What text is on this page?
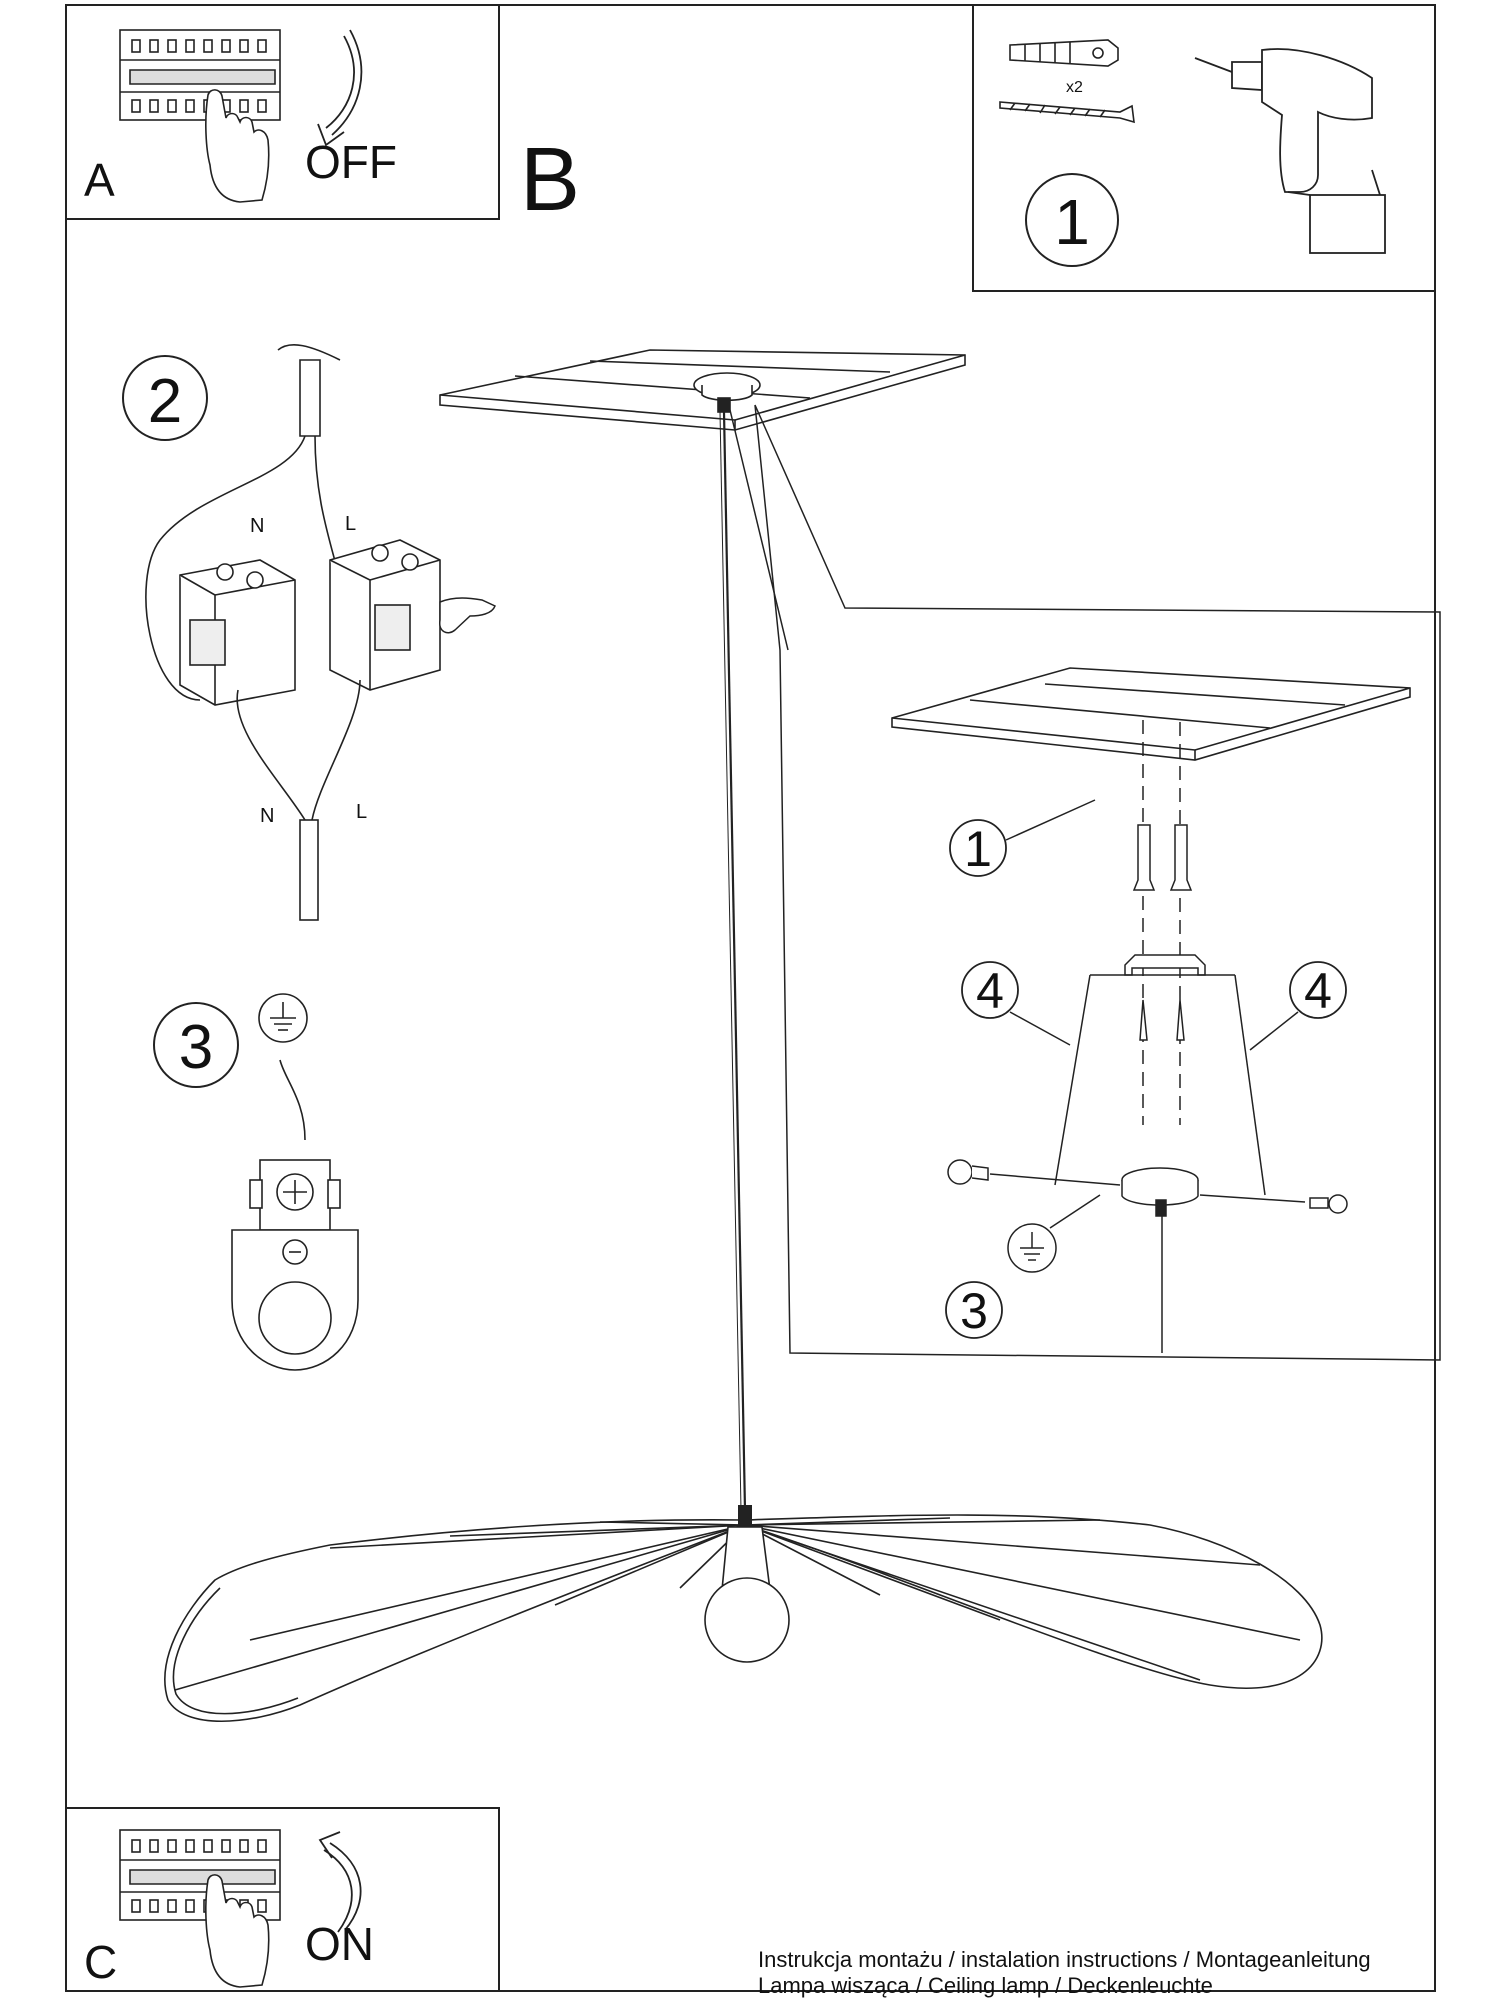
A	OFF B
x2
1
2
N	L
N	L
3
1
4	4
3
C	ON	Instrukcja montażu / instalation instructions / Montageanleitung
Lampa wisząca / Ceiling lamp / Deckenleuchte
